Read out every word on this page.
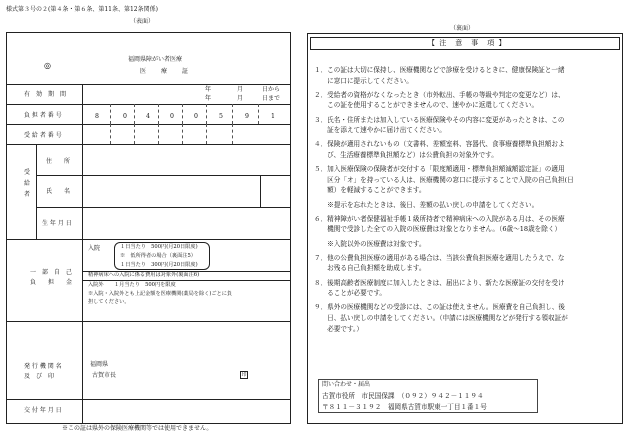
様式第３号の２(第４条・第６条、第11条、第12条関係)
（表面）
（裏面）
◎
福岡県障がい者医療
医　　療　　証
有　効　期　間
年	月	日から
年	月	日まで
負 担 者 番 号	8	0	4	0	0	5	9	1
受 給 者 番 号
受
給
者
住　　所
氏　　名
生 年 月 日
一　部　自　己
負　　担　　金
入院	１日当たり　500円(月20日限度)
※　低所得者の場合（裏面注5）
１日当たり　300円(月20日限度)
精神病床への入院に係る費用は対象外(裏面注6)
入院外　　１月当たり　500円を限度
※入院・入院外とも上記金額を医療機関(薬局を除く)ごとに負
担してください。
発 行 機 関 名
及　び　印
福岡県
古賀市長	印
交 付 年 月 日
※この証は県外の保険医療機関等では使用できません。
【 注　意　事　項 】
１．この証は大切に保持し、医療機関などで診療を受けるときに、健康保険証と一緒
　　に窓口に提示してください。
２．受給者の資格がなくなったとき（市外転出、手帳の等級や判定の変更など）は、
　　この証を使用することができませんので、速やかに返還してください。
３．氏名・住所または加入している医療保険やその内容に変更があったときは、この
　　証を添えて速やかに届け出てください。
４．保険が適用されないもの（文書料、差額室料、容器代、食事療養標準負担額およ
　　び、生活療養標準負担額など）は公費負担の対象外です。
５．加入医療保険の保険者が交付する「限度額適用・標準負担額減額認定証」の適用
　　区分「オ」を持っている人は、医療機関の窓口に提示することで入院の自己負担(日
　　額）を軽減することができます。
　　※提示を忘れたときは、後日、差額の払い戻しの申請をしてください。
６．精神障がい者保健福祉手帳１級所持者で精神病床への入院がある月は、その医療
　　機関で受診した全ての入院の医療費は対象となりません。（6歳～18歳を除く）
　　※入院以外の医療費は対象です。
７．他の公費負担医療の適用がある場合は、当該公費負担医療を適用したうえで、な
　　お残る自己負担額を助成します。
８．後期高齢者医療制度に加入したときは、届出により、新たな医療証の交付を受け
　　ることが必要です。
９．県外の医療機関などの受診には、この証は使えません。医療費を自己負担し、後
　　日、払い戻しの申請をしてください。（申請には医療機関などが発行する領収証が
　　必要です。）
問い合わせ・届出
古賀市役所　市民国保課　（０９２）９４２－１１９４
〒８１１－３１９２　福岡県古賀市駅東一丁目１番１号
